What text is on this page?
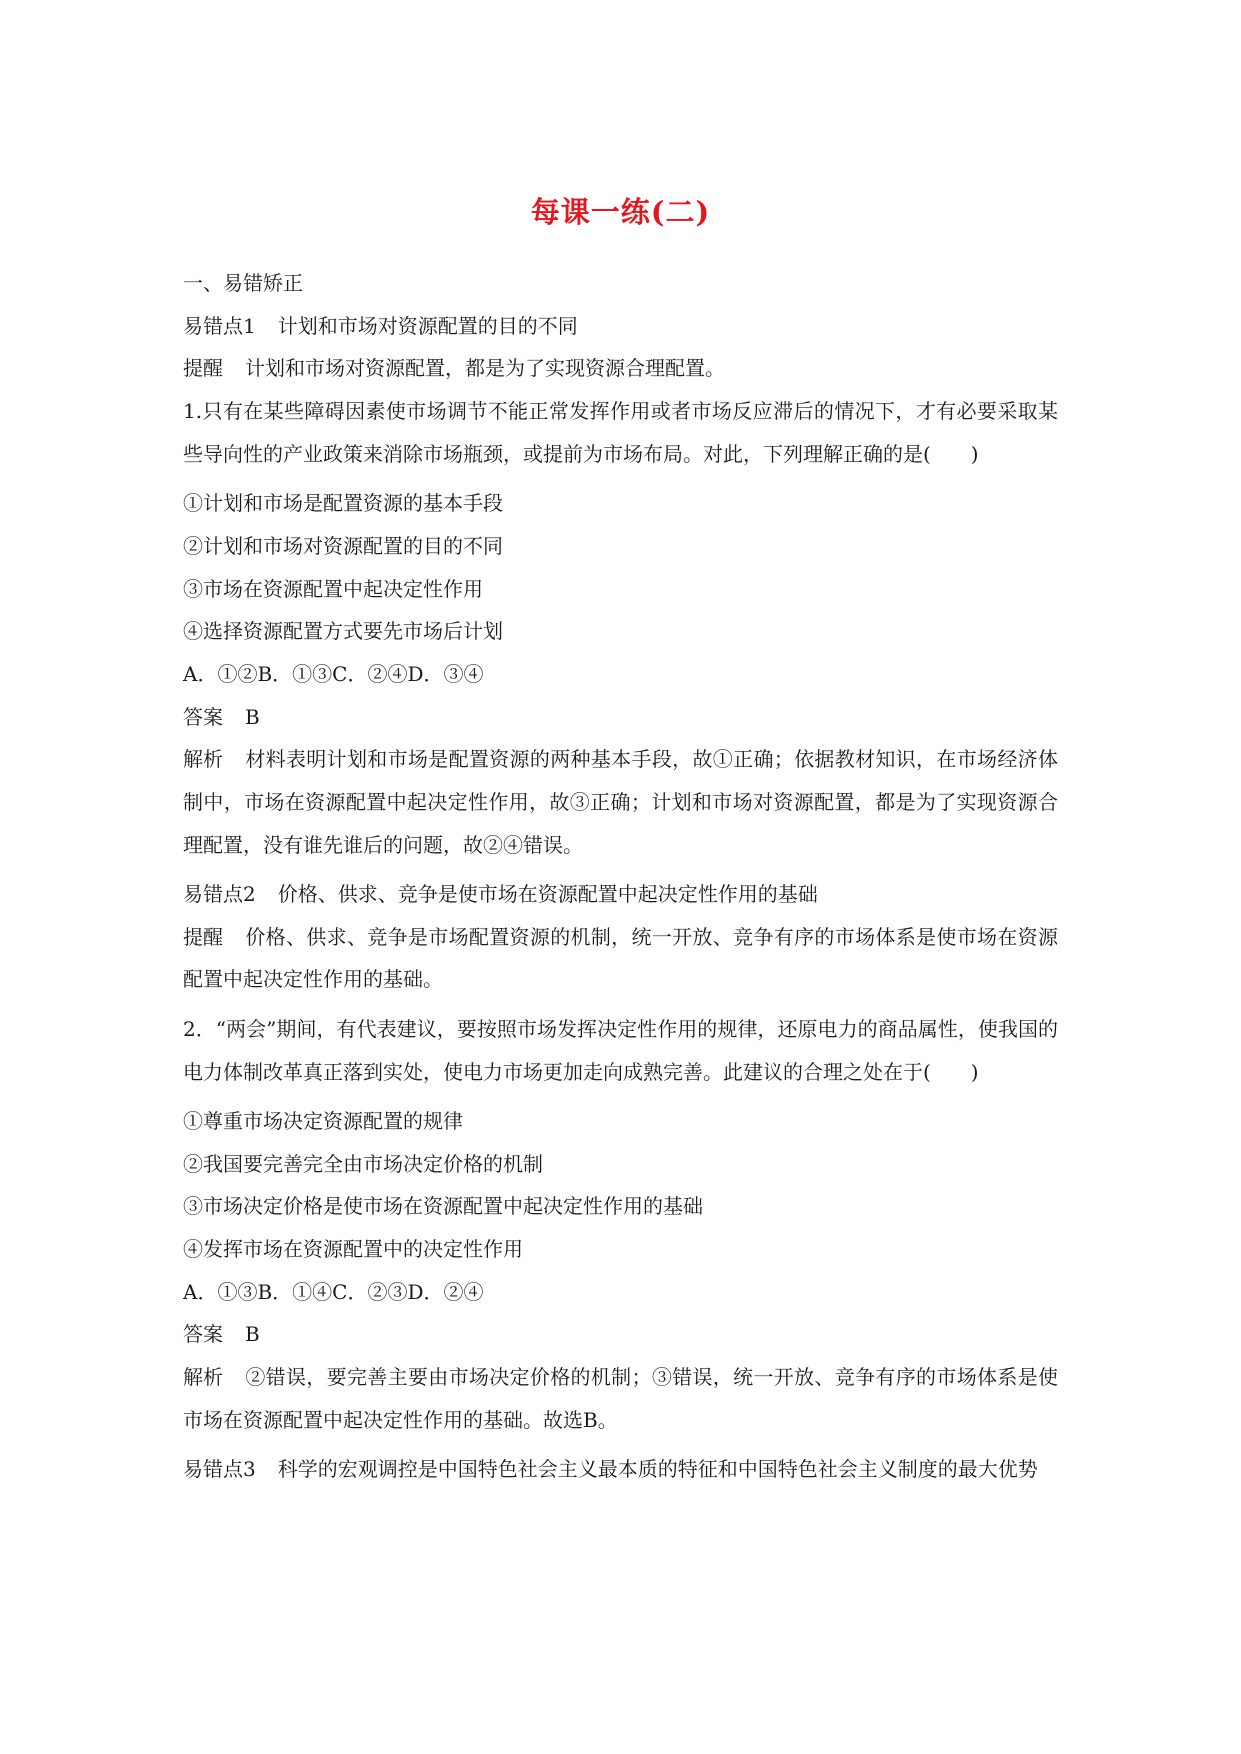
每课一练(二)
一、易错矫正
易错点1 计划和市场对资源配置的目的不同
提醒 计划和市场对资源配置，都是为了实现资源合理配置。
1.只有在某些障碍因素使市场调节不能正常发挥作用或者市场反应滞后的情况下，才有必要采取某些导向性的产业政策来消除市场瓶颈，或提前为市场布局。对此，下列理解正确的是(　　)
①计划和市场是配置资源的基本手段
②计划和市场对资源配置的目的不同
③市场在资源配置中起决定性作用
④选择资源配置方式要先市场后计划
A．①②B．①③C．②④D．③④
答案 B
解析 材料表明计划和市场是配置资源的两种基本手段，故①正确；依据教材知识，在市场经济体制中，市场在资源配置中起决定性作用，故③正确；计划和市场对资源配置，都是为了实现资源合理配置，没有谁先谁后的问题，故②④错误。
易错点2 价格、供求、竞争是使市场在资源配置中起决定性作用的基础
提醒 价格、供求、竞争是市场配置资源的机制，统一开放、竞争有序的市场体系是使市场在资源配置中起决定性作用的基础。
2．“两会”期间，有代表建议，要按照市场发挥决定性作用的规律，还原电力的商品属性，使我国的电力体制改革真正落到实处，使电力市场更加走向成熟完善。此建议的合理之处在于(　　)
①尊重市场决定资源配置的规律
②我国要完善完全由市场决定价格的机制
③市场决定价格是使市场在资源配置中起决定性作用的基础
④发挥市场在资源配置中的决定性作用
A．①③B．①④C．②③D．②④
答案 B
解析 ②错误，要完善主要由市场决定价格的机制；③错误，统一开放、竞争有序的市场体系是使市场在资源配置中起决定性作用的基础。故选B。
易错点3 科学的宏观调控是中国特色社会主义最本质的特征和中国特色社会主义制度的最大优势
